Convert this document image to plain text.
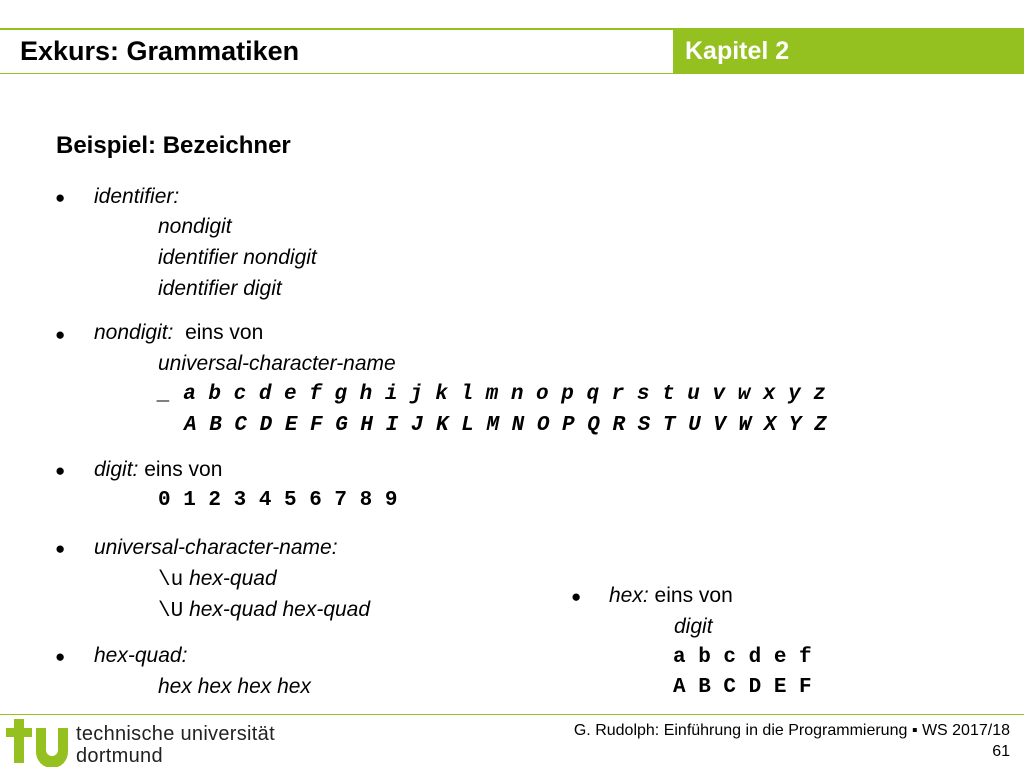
Exkurs: Grammatiken	Kapitel 2
Beispiel: Bezeichner
● identifier:
nondigit
identifier nondigit
identifier digit
● nondigit: eins von
universal-character-name
_ a b c d e f g h i j k l m n o p q r s t u v w x y z
A B C D E F G H I J K L M N O P Q R S T U V W X Y Z
● digit: eins von
0 1 2 3 4 5 6 7 8 9
● universal-character-name:
\u hex-quad
\U hex-quad hex-quad
● hex-quad:
hex hex hex hex
● hex: eins von
digit
a b c d e f
A B C D E F
technische universität
dortmund
G. Rudolph: Einführung in die Programmierung ▪ WS 2017/18
61
